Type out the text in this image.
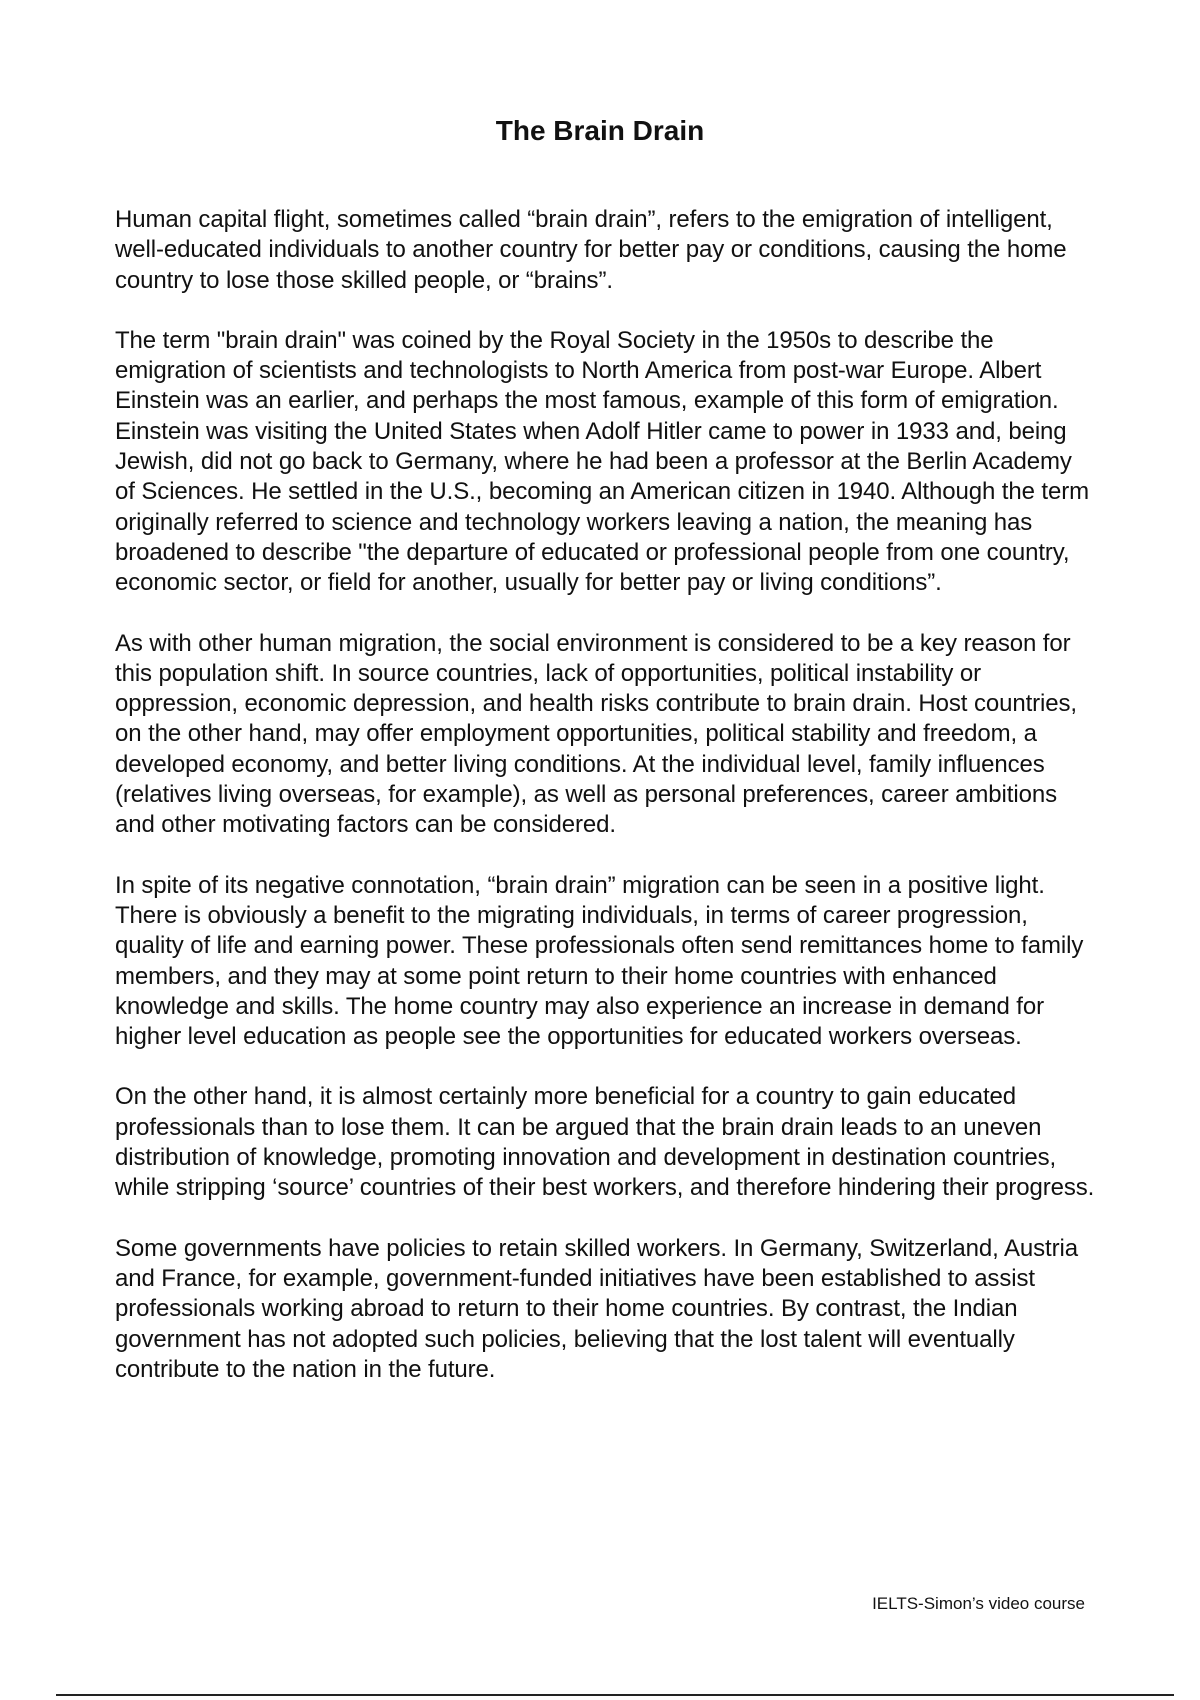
The Brain Drain

Human capital flight, sometimes called “brain drain”, refers to the emigration of intelligent, well-educated individuals to another country for better pay or conditions, causing the home country to lose those skilled people, or “brains”.

The term "brain drain" was coined by the Royal Society in the 1950s to describe the emigration of scientists and technologists to North America from post-war Europe. Albert Einstein was an earlier, and perhaps the most famous, example of this form of emigration. Einstein was visiting the United States when Adolf Hitler came to power in 1933 and, being Jewish, did not go back to Germany, where he had been a professor at the Berlin Academy of Sciences. He settled in the U.S., becoming an American citizen in 1940. Although the term originally referred to science and technology workers leaving a nation, the meaning has broadened to describe "the departure of educated or professional people from one country, economic sector, or field for another, usually for better pay or living conditions”.

As with other human migration, the social environment is considered to be a key reason for this population shift. In source countries, lack of opportunities, political instability or oppression, economic depression, and health risks contribute to brain drain. Host countries, on the other hand, may offer employment opportunities, political stability and freedom, a developed economy, and better living conditions. At the individual level, family influences (relatives living overseas, for example), as well as personal preferences, career ambitions and other motivating factors can be considered.

In spite of its negative connotation, “brain drain” migration can be seen in a positive light. There is obviously a benefit to the migrating individuals, in terms of career progression, quality of life and earning power. These professionals often send remittances home to family members, and they may at some point return to their home countries with enhanced knowledge and skills. The home country may also experience an increase in demand for higher level education as people see the opportunities for educated workers overseas.

On the other hand, it is almost certainly more beneficial for a country to gain educated professionals than to lose them. It can be argued that the brain drain leads to an uneven distribution of knowledge, promoting innovation and development in destination countries, while stripping ‘source’ countries of their best workers, and therefore hindering their progress.

Some governments have policies to retain skilled workers. In Germany, Switzerland, Austria and France, for example, government-funded initiatives have been established to assist professionals working abroad to return to their home countries. By contrast, the Indian government has not adopted such policies, believing that the lost talent will eventually contribute to the nation in the future.

IELTS-Simon’s video course
